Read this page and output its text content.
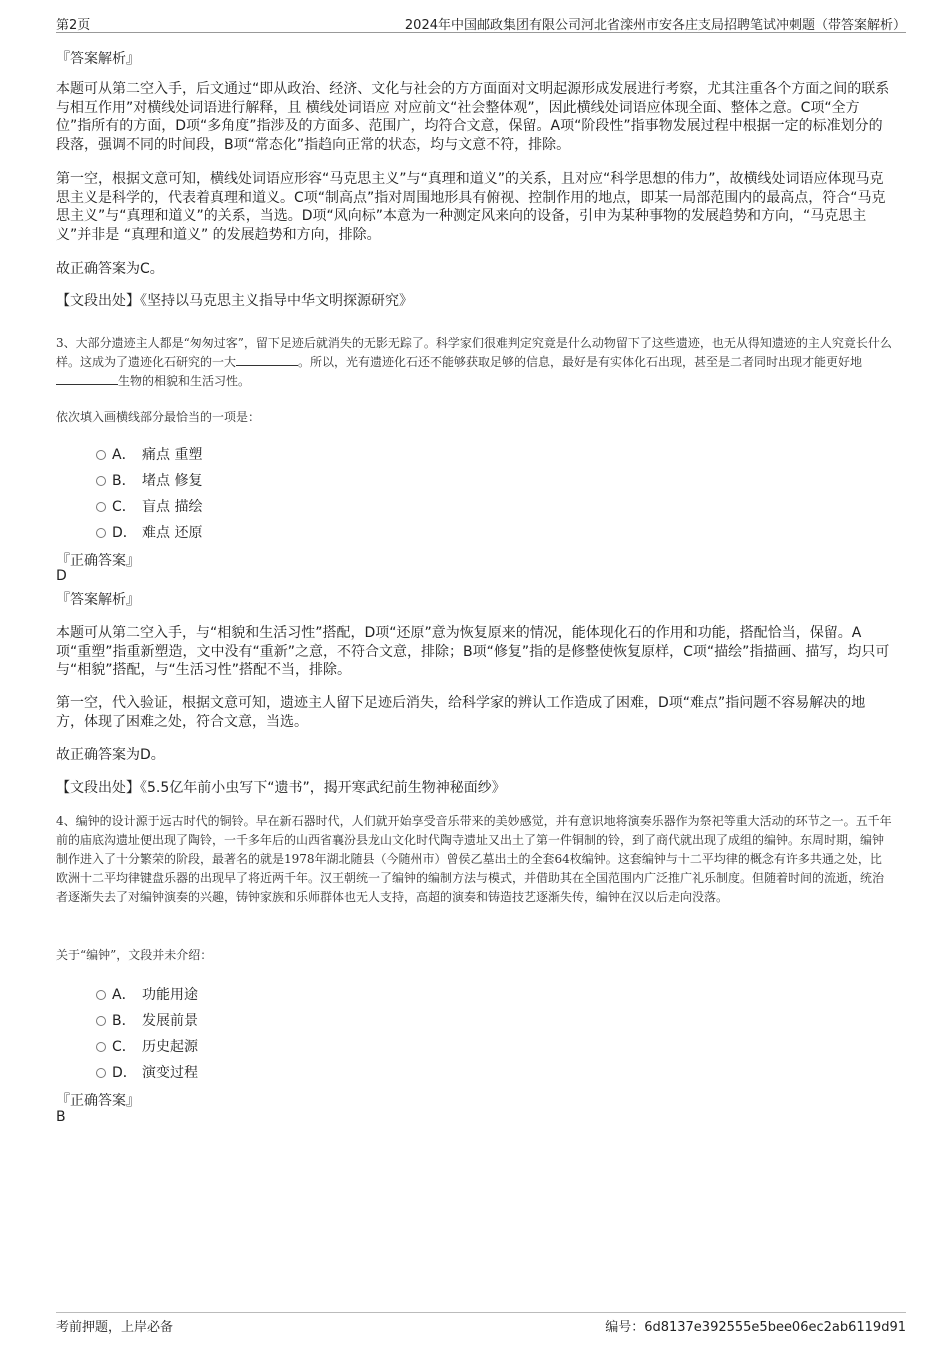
第2页	2024年中国邮政集团有限公司河北省滦州市安各庄支局招聘笔试冲刺题（带答案解析）
『答案解析』

本题可从第二空入手，后文通过“即从政治、经济、文化与社会的方方面面对文明起源形成发展进行考察，尤其注重各个方面之间的联系与相互作用”对横线处词语进行解释，且 横线处词语应 对应前文“社会整体观”，因此横线处词语应体现全面、整体之意。C项“全方位”指所有的方面，D项“多角度”指涉及的方面多、范围广，均符合文意，保留。A项“阶段性”指事物发展过程中根据一定的标准划分的段落，强调不同的时间段，B项“常态化”指趋向正常的状态，均与文意不符，排除。

第一空，根据文意可知，横线处词语应形容“马克思主义”与“真理和道义”的关系，且对应“科学思想的伟力”，故横线处词语应体现马克思主义是科学的，代表着真理和道义。C项“制高点”指对周围地形具有俯视、控制作用的地点，即某一局部范围内的最高点，符合“马克思主义”与“真理和道义”的关系，当选。D项“风向标”本意为一种测定风来向的设备，引申为某种事物的发展趋势和方向，“马克思主义”并非是 “真理和道义” 的发展趋势和方向，排除。

故正确答案为C。
【文段出处】《坚持以马克思主义指导中华文明探源研究》

3、大部分遗迹主人都是“匆匆过客”，留下足迹后就消失的无影无踪了。科学家们很难判定究竟是什么动物留下了这些遗迹，也无从得知遗迹的主人究竟长什么样。这成为了遗迹化石研究的一大	。所以，光有遗迹化石还不能够获取足够的信息，最好是有实体化石出现，甚至是二者同时出现才能更好地生物的相貌和生活习性。

依次填入画横线部分最恰当的一项是：

A． 痛点 重塑
B． 堵点 修复
C． 盲点 描绘
D． 难点 还原
『正确答案』
D
『答案解析』

本题可从第二空入手，与“相貌和生活习性”搭配，D项“还原”意为恢复原来的情况，能体现化石的作用和功能，搭配恰当，保留。A项“重塑”指重新塑造，文中没有“重新”之意，不符合文意，排除；B项“修复”指的是修整使恢复原样，C项“描绘”指描画、描写，均只可与“相貌”搭配，与“生活习性”搭配不当，排除。

第一空，代入验证，根据文意可知，遗迹主人留下足迹后消失，给科学家的辨认工作造成了困难，D项“难点”指问题不容易解决的地方，体现了困难之处，符合文意，当选。

故正确答案为D。
【文段出处】《5.5亿年前小虫写下“遗书”，揭开寒武纪前生物神秘面纱》

4、编钟的设计源于远古时代的铜铃。早在新石器时代，人们就开始享受音乐带来的美妙感觉，并有意识地将演奏乐器作为祭祀等重大活动的环节之一。五千年前的庙底沟遗址便出现了陶铃，一千多年后的山西省襄汾县龙山文化时代陶寺遗址又出土了第一件铜制的铃，到了商代就出现了成组的编钟。东周时期，编钟制作进入了十分繁荣的阶段，最著名的就是1978年湖北随县（今随州市）曾侯乙墓出土的全套64枚编钟。这套编钟与十二平均律的概念有许多共通之处，比欧洲十二平均律键盘乐器的出现早了将近两千年。汉王朝统一了编钟的编制方法与模式，并借助其在全国范围内广泛推广礼乐制度。但随着时间的流逝，统治者逐渐失去了对编钟演奏的兴趣，铸钟家族和乐师群体也无人支持，高超的演奏和铸造技艺逐渐失传，编钟在汉以后走向没落。

关于“编钟”，文段并未介绍：

A． 功能用途
B． 发展前景
C． 历史起源
D． 演变过程
『正确答案』
B
考前押题，上岸必备	编号：6d8137e392555e5bee06ec2ab6119d91
